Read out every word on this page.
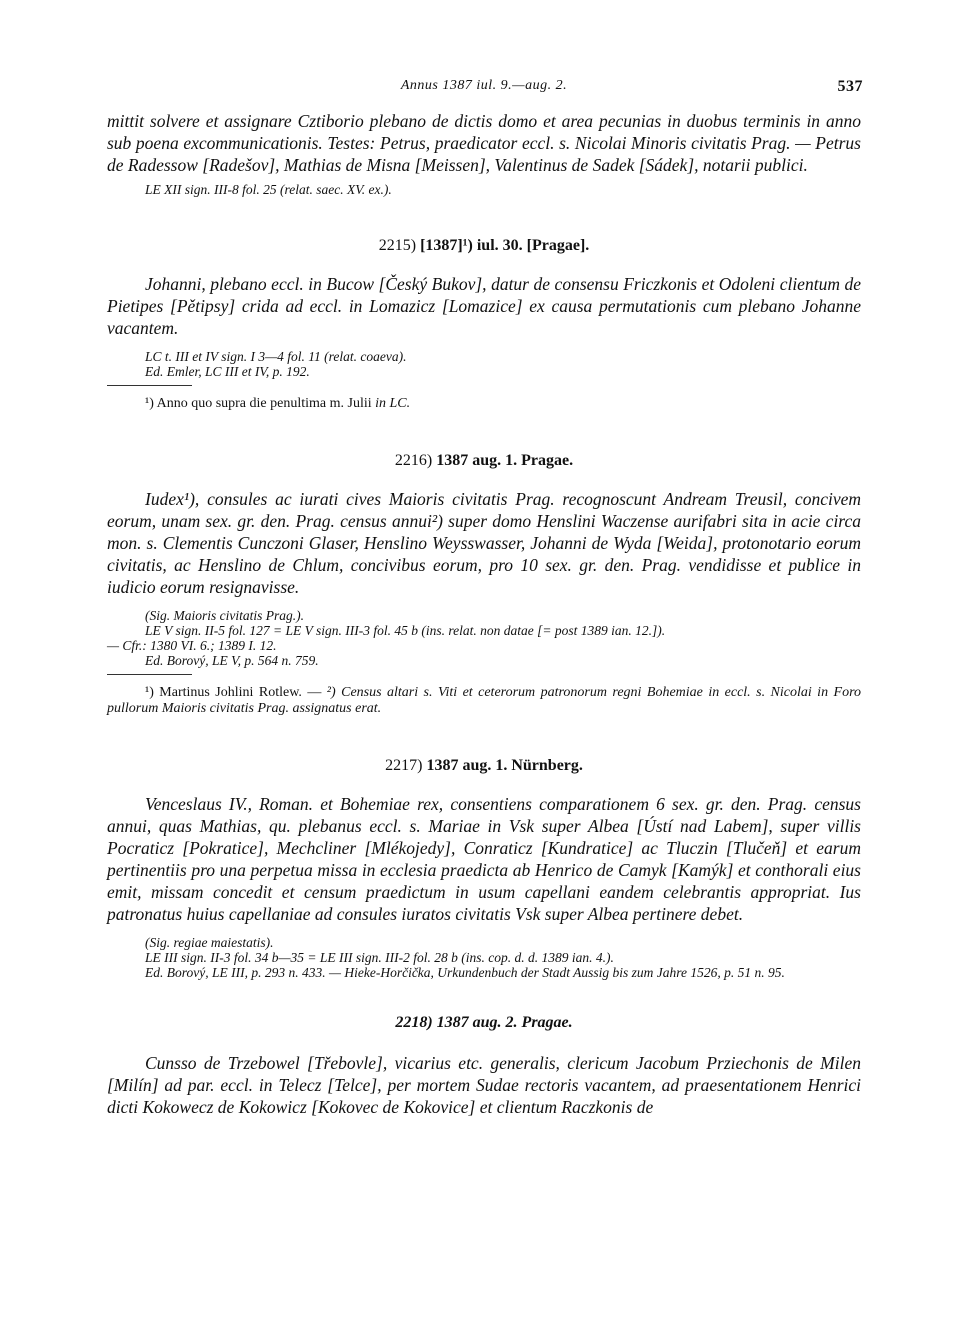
Annus 1387 iul. 9.—aug. 2.	537

mittit solvere et assignare Cztiborio plebano de dictis domo et area pecunias in duobus terminis in anno sub poena excommunicationis. Testes: Petrus, praedicator eccl. s. Nicolai Minoris civitatis Prag. — Petrus de Radessow [Radešov], Mathias de Misna [Meissen], Valentinus de Sadek [Sádek], notarii publici.

LE XII sign. III-8 fol. 25 (relat. saec. XV. ex.).

2215) [1387]¹) iul. 30. [Pragae].

Johanni, plebano eccl. in Bucow [Český Bukov], datur de consensu Friczkonis et Odoleni clientum de Pietipes [Pětipsy] crida ad eccl. in Lomazicz [Lomazice] ex causa permutationis cum plebano Johanne vacantem.

LC t. III et IV sign. I 3—4 fol. 11 (relat. coaeva).

Ed. Emler, LC III et IV, p. 192.

¹) Anno quo supra die penultima m. Julii in LC.

2216) 1387 aug. 1. Pragae.

Iudex¹), consules ac iurati cives Maioris civitatis Prag. recognoscunt Andream Treusil, concivem eorum, unam sex. gr. den. Prag. census annui²) super domo Henslini Waczense aurifabri sita in acie circa mon. s. Clementis Cunczoni Glaser, Henslino Weysswasser, Johanni de Wyda [Weida], protonotario eorum civitatis, ac Henslino de Chlum, concivibus eorum, pro 10 sex. gr. den. Prag. vendidisse et publice in iudicio eorum resignavisse.

(Sig. Maioris civitatis Prag.).

LE V sign. II-5 fol. 127 = LE V sign. III-3 fol. 45 b (ins. relat. non datae [= post 1389 ian. 12.]).

— Cfr.: 1380 VI. 6.; 1389 I. 12.

Ed. Borový, LE V, p. 564 n. 759.

¹) Martinus Johlini Rotlew. — ²) Census altari s. Viti et ceterorum patronorum regni Bohemiae in eccl. s. Nicolai in Foro pullorum Maioris civitatis Prag. assignatus erat.

2217) 1387 aug. 1. Nürnberg.

Venceslaus IV., Roman. et Bohemiae rex, consentiens comparationem 6 sex. gr. den. Prag. census annui, quas Mathias, qu. plebanus eccl. s. Mariae in Vsk super Albea [Ústí nad Labem], super villis Pocraticz [Pokratice], Mechcliner [Mlékojedy], Conraticz [Kundratice] ac Tluczin [Tlučeň] et earum pertinentiis pro una perpetua missa in ecclesia praedicta ab Henrico de Camyk [Kamýk] et conthorali eius emit, missam concedit et censum praedictum in usum capellani eandem celebrantis appropriat. Ius patronatus huius capellaniae ad consules iuratos civitatis Vsk super Albea pertinere debet.

(Sig. regiae maiestatis).

LE III sign. II-3 fol. 34 b—35 = LE III sign. III-2 fol. 28 b (ins. cop. d. d. 1389 ian. 4.).

Ed. Borový, LE III, p. 293 n. 433. — Hieke-Horčička, Urkundenbuch der Stadt Aussig bis zum Jahre 1526, p. 51 n. 95.

2218) 1387 aug. 2. Pragae.

Cunsso de Trzebowel [Třebovle], vicarius etc. generalis, clericum Jacobum Prziechonis de Milen [Milín] ad par. eccl. in Telecz [Telce], per mortem Sudae rectoris vacantem, ad praesentationem Henrici dicti Kokowecz de Kokowicz [Kokovec de Kokovice] et clientum Raczkonis de
